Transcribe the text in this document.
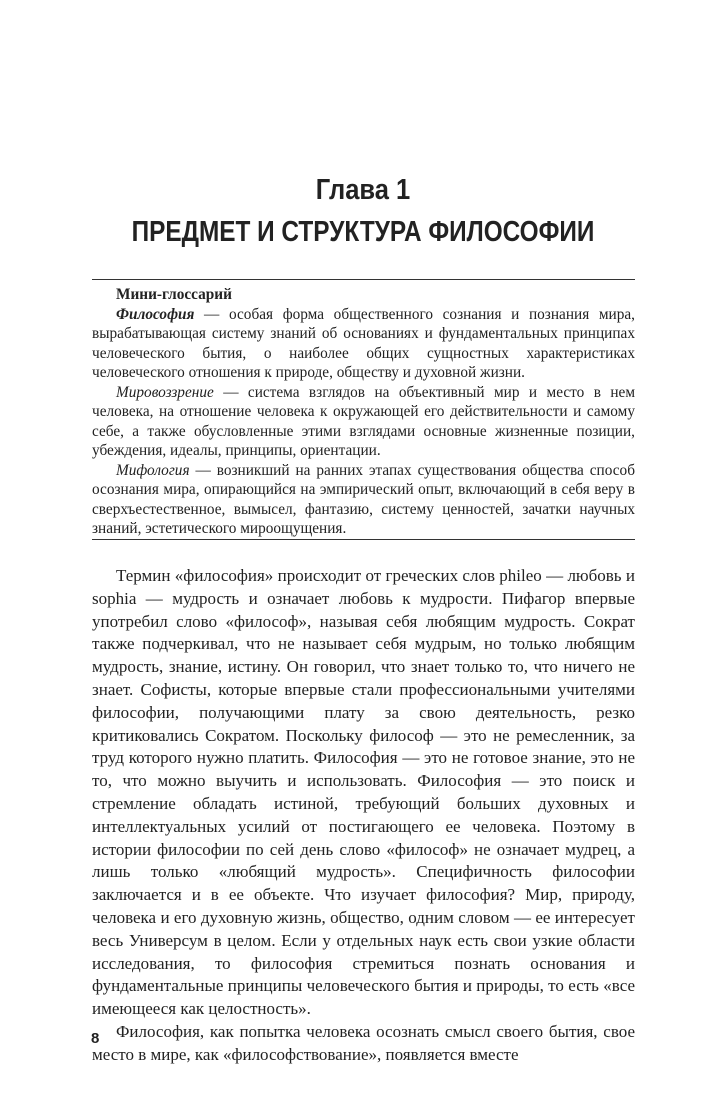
Глава 1
ПРЕДМЕТ И СТРУКТУРА ФИЛОСОФИИ
Мини-глоссарий

Философия — особая форма общественного сознания и познания мира, вырабатывающая систему знаний об основаниях и фундаментальных принципах человеческого бытия, о наиболее общих сущностных характеристиках человеческого отношения к природе, обществу и духовной жизни.

Мировоззрение — система взглядов на объективный мир и место в нем человека, на отношение человека к окружающей его действительности и самому себе, а также обусловленные этими взглядами основные жизненные позиции, убеждения, идеалы, принципы, ориентации.

Мифология — возникший на ранних этапах существования общества способ осознания мира, опирающийся на эмпирический опыт, включающий в себя веру в сверхъестественное, вымысел, фантазию, систему ценностей, зачатки научных знаний, эстетического мироощущения.

Термин «философия» происходит от греческих слов phileo — любовь и sophia — мудрость и означает любовь к мудрости. Пифагор впервые употребил слово «философ», называя себя любящим мудрость. Сократ также подчеркивал, что не называет себя мудрым, но только любящим мудрость, знание, истину. Он говорил, что знает только то, что ничего не знает. Софисты, которые впервые стали профессиональными учителями философии, получающими плату за свою деятельность, резко критиковались Сократом. Поскольку философ — это не ремесленник, за труд которого нужно платить. Философия — это не готовое знание, это не то, что можно выучить и использовать. Философия — это поиск и стремление обладать истиной, требующий больших духовных и интеллектуальных усилий от постигающего ее человека. Поэтому в истории философии по сей день слово «философ» не означает мудрец, а лишь только «любящий мудрость». Специфичность философии заключается и в ее объекте. Что изучает философия? Мир, природу, человека и его духовную жизнь, общество, одним словом — ее интересует весь Универсум в целом. Если у отдельных наук есть свои узкие области исследования, то философия стремиться познать основания и фундаментальные принципы человеческого бытия и природы, то есть «все имеющееся как целостность».

Философия, как попытка человека осознать смысл своего бытия, свое место в мире, как «философствование», появляется вместе

8
